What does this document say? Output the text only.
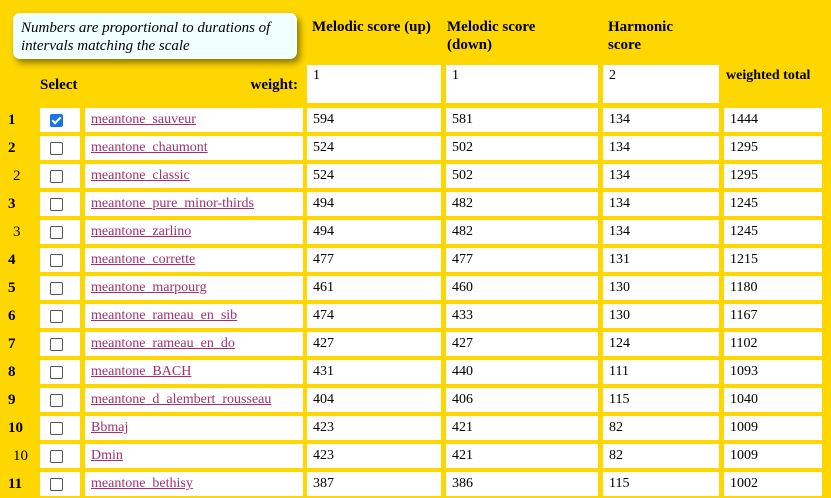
Numbers are proportional to durations of intervals matching the scale
Melodic score (up)	Melodic score (down)
Harmonic score
Select	weight:
1	1	2	weighted total
1	meantone_sauveur	594	581	134	1444
2	meantone_chaumont	524	502	134	1295
2	meantone_classic	524	502	134	1295
3	meantone_pure_minor-thirds	494	482	134	1245
3	meantone_zarlino	494	482	134	1245
4	meantone_corrette	477	477	131	1215
5	meantone_marpourg	461	460	130	1180
6	meantone_rameau_en_sib	474	433	130	1167
7	meantone_rameau_en_do	427	427	124	1102
8	meantone_BACH	431	440	111	1093
9	meantone_d_alembert_rousseau	404	406	115	1040
10	Bbmaj	423	421	82	1009
10	Dmin	423	421	82	1009
11	meantone_bethisy	387	386	115	1002
